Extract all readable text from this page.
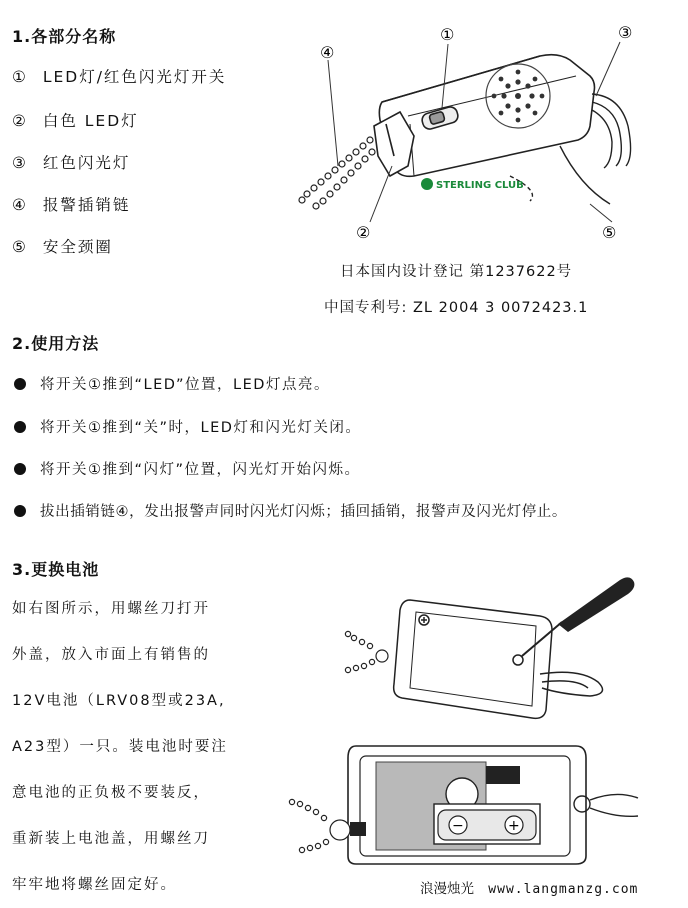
1.各部分名称
① LED灯/红色闪光灯开关
② 白色 LED灯
③ 红色闪光灯
④ 报警插销链
⑤ 安全颈圈
①
④
③
②	⑤
STERLING CLUB
日本国内设计登记 第1237622号
中国专利号: ZL 2004 3 0072423.1
2.使用方法
将开关①推到“LED”位置，LED灯点亮。
将开关①推到“关”时，LED灯和闪光灯关闭。
将开关①推到“闪灯”位置，闪光灯开始闪烁。
拔出插销链④，发出报警声同时闪光灯闪烁；插回插销，报警声及闪光灯停止。
3.更换电池
如右图所示，用螺丝刀打开
外盖，放入市面上有销售的
12V电池（LRV08型或23A,
A23型）一只。装电池时要注
意电池的正负极不要装反，
重新装上电池盖，用螺丝刀
牢牢地将螺丝固定好。
−	+
浪漫烛光 www.langmanzg.com
